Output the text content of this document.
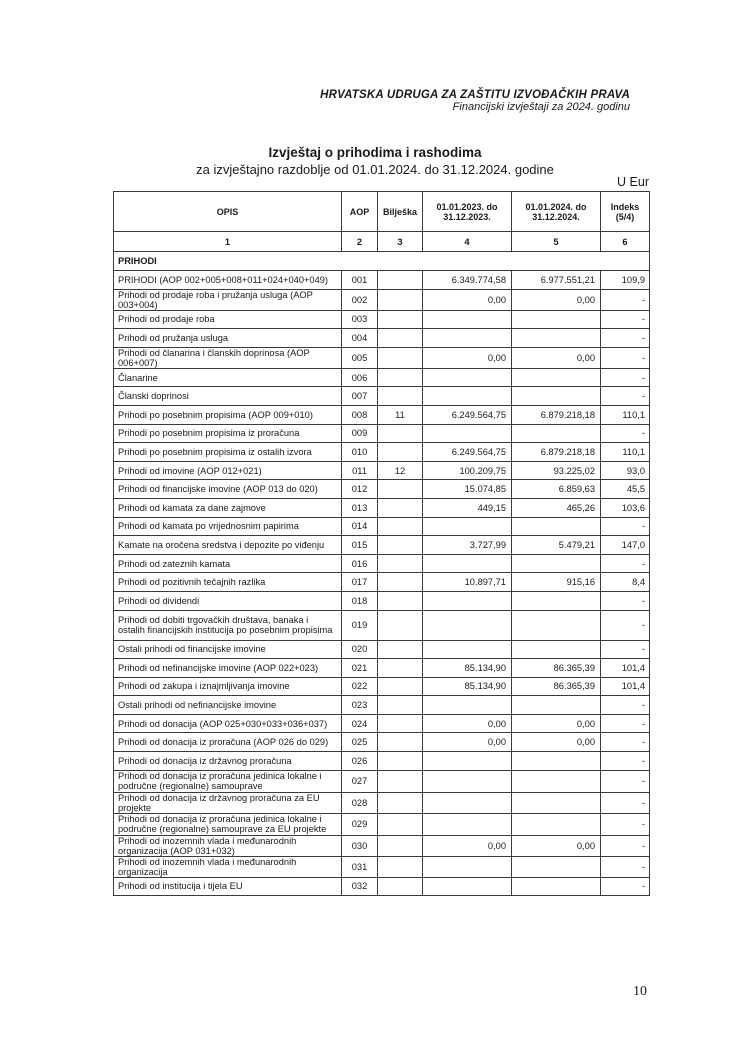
HRVATSKA UDRUGA ZA ZAŠTITU IZVOĐAČKIH PRAVA
Financijski izvještaji za 2024. godinu
Izvještaj o prihodima i rashodima
za izvještajno razdoblje od 01.01.2024. do 31.12.2024. godine
U Eur
OPIS	AOP	Bilješka	01.01.2023. do 31.12.2023.	01.01.2024. do 31.12.2024.	Indeks (5/4)
1	2	3	4	5	6
PRIHODI					
PRIHODI (AOP 002+005+008+011+024+040+049)	001		6.349.774,58	6.977.551,21	109,9
Prihodi od prodaje roba i pružanja usluga (AOP 003+004)	002		0,00	0,00	-
Prihodi od prodaje roba	003				-
Prihodi od pružanja usluga	004				-
Prihodi od članarina i članskih doprinosa (AOP 006+007)	005		0,00	0,00	-
Članarine	006				-
Članski doprinosi	007				-
Prihodi po posebnim propisima (AOP 009+010)	008	11	6.249.564,75	6.879.218,18	110,1
Prihodi po posebnim propisima iz proračuna	009				-
Prihodi po posebnim propisima iz ostalih izvora	010		6.249.564,75	6.879.218,18	110,1
Prihodi od imovine (AOP 012+021)	011	12	100.209,75	93.225,02	93,0
Prihodi od financijske imovine (AOP 013 do 020)	012		15.074,85	6.859,63	45,5
Prihodi od kamata za dane zajmove	013		449,15	465,26	103,6
Prihodi od kamata po vrijednosnim papirima	014				-
Kamate na oročena sredstva i depozite po viđenju	015		3.727,99	5.479,21	147,0
Prihodi od zateznih kamata	016				-
Prihodi od pozitivnih tečajnih razlika	017		10.897,71	915,16	8,4
Prihodi od dividendi	018				-
Prihodi od dobiti trgovačkih društava, banaka i ostalih financijskih institucija po posebnim propisima	019				-
Ostali prihodi od financijske imovine	020				-
Prihodi od nefinancijske imovine (AOP 022+023)	021		85.134,90	86.365,39	101,4
Prihodi od zakupa i iznajmljivanja imovine	022		85.134,90	86.365,39	101,4
Ostali prihodi od nefinancijske imovine	023				-
Prihodi od donacija (AOP 025+030+033+036+037)	024		0,00	0,00	-
Prihodi od donacija iz proračuna (AOP 026 do 029)	025		0,00	0,00	-
Prihodi od donacija iz državnog proračuna	026				-
Prihodi od donacija iz proračuna jedinica lokalne i područne (regionalne) samouprave	027				-
Prihodi od donacija iz državnog proračuna za EU projekte	028				-
Prihodi od donacija iz proračuna jedinica lokalne i područne (regionalne) samouprave za EU projekte	029				-
Prihodi od inozemnih vlada i međunarodnih organizacija (AOP 031+032)	030		0,00	0,00	-
Prihodi od inozemnih vlada i međunarodnih organizacija	031				-
Prihodi od institucija i tijela EU	032				-
10
